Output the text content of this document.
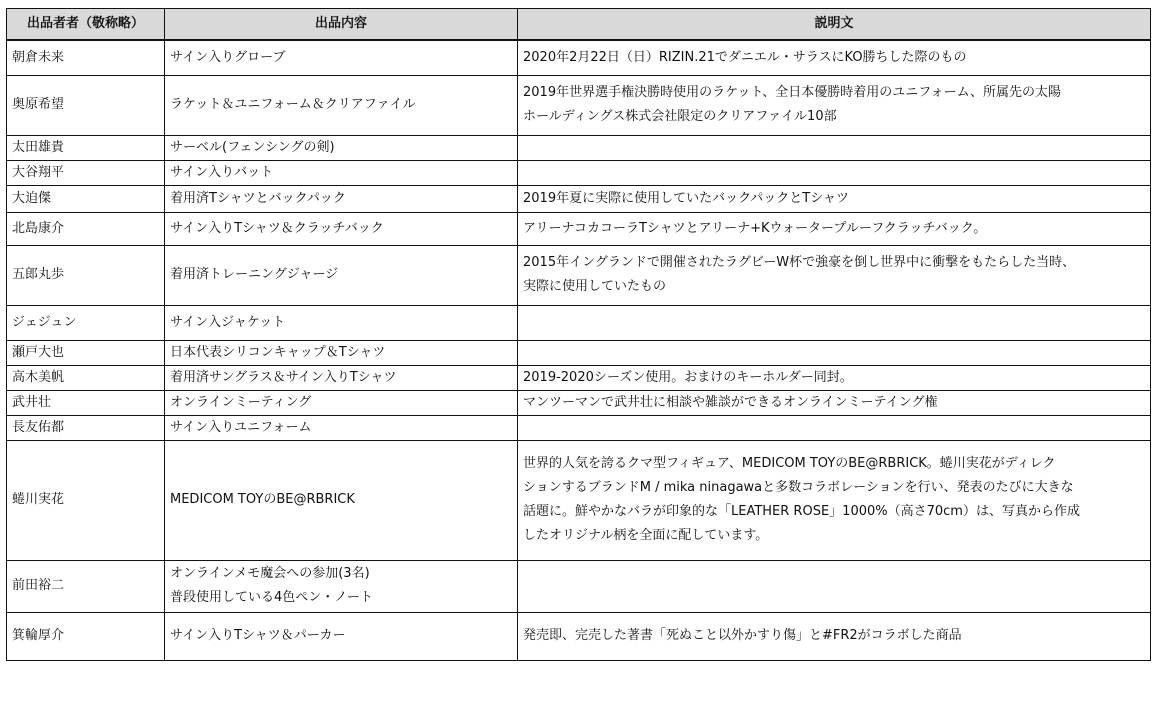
出品者者（敬称略）	出品内容	説明文
朝倉未来	サイン入りグローブ	2020年2月22日（日）RIZIN.21でダニエル・サラスにKO勝ちした際のもの

奥原希望	ラケット＆ユニフォーム＆クリアファイル	2019年世界選手権決勝時使用のラケット、全日本優勝時着用のユニフォーム、所属先の太陽
ホールディングス株式会社限定のクリアファイル10部

太田雄貴	サーベル(フェンシングの剣)	

大谷翔平	サイン入りバット	

大迫傑	着用済Tシャツとバックパック	2019年夏に実際に使用していたバックパックとTシャツ

北島康介	サイン入りTシャツ＆クラッチバック	アリーナコカコーラTシャツとアリーナ+Kウォータープルーフクラッチバック。

五郎丸歩	着用済トレーニングジャージ	2015年イングランドで開催されたラグビーW杯で強豪を倒し世界中に衝撃をもたらした当時、
実際に使用していたもの

ジェジュン	サイン入ジャケット	

瀬戸大也	日本代表シリコンキャップ＆Tシャツ	

高木美帆	着用済サングラス＆サイン入りTシャツ	2019-2020シーズン使用。おまけのキーホルダー同封。

武井壮	オンラインミーティング	マンツーマンで武井壮に相談や雑談ができるオンラインミーテイング権

長友佑都	サイン入りユニフォーム	

蜷川実花	MEDICOM TOYのBE@RBRICK	世界的人気を誇るクマ型フィギュア、MEDICOM TOYのBE@RBRICK。蜷川実花がディレク
ションするブランドM / mika ninagawaと多数コラボレーションを行い、発表のたびに大きな
話題に。鮮やかなバラが印象的な「LEATHER ROSE」1000%（高さ70cm）は、写真から作成
したオリジナル柄を全面に配しています。

前田裕二	オンラインメモ魔会への参加(3名)
普段使用している4色ペン・ノート	

箕輪厚介	サイン入りTシャツ＆パーカー	発売即、完売した著書「死ぬこと以外かすり傷」と#FR2がコラボした商品
